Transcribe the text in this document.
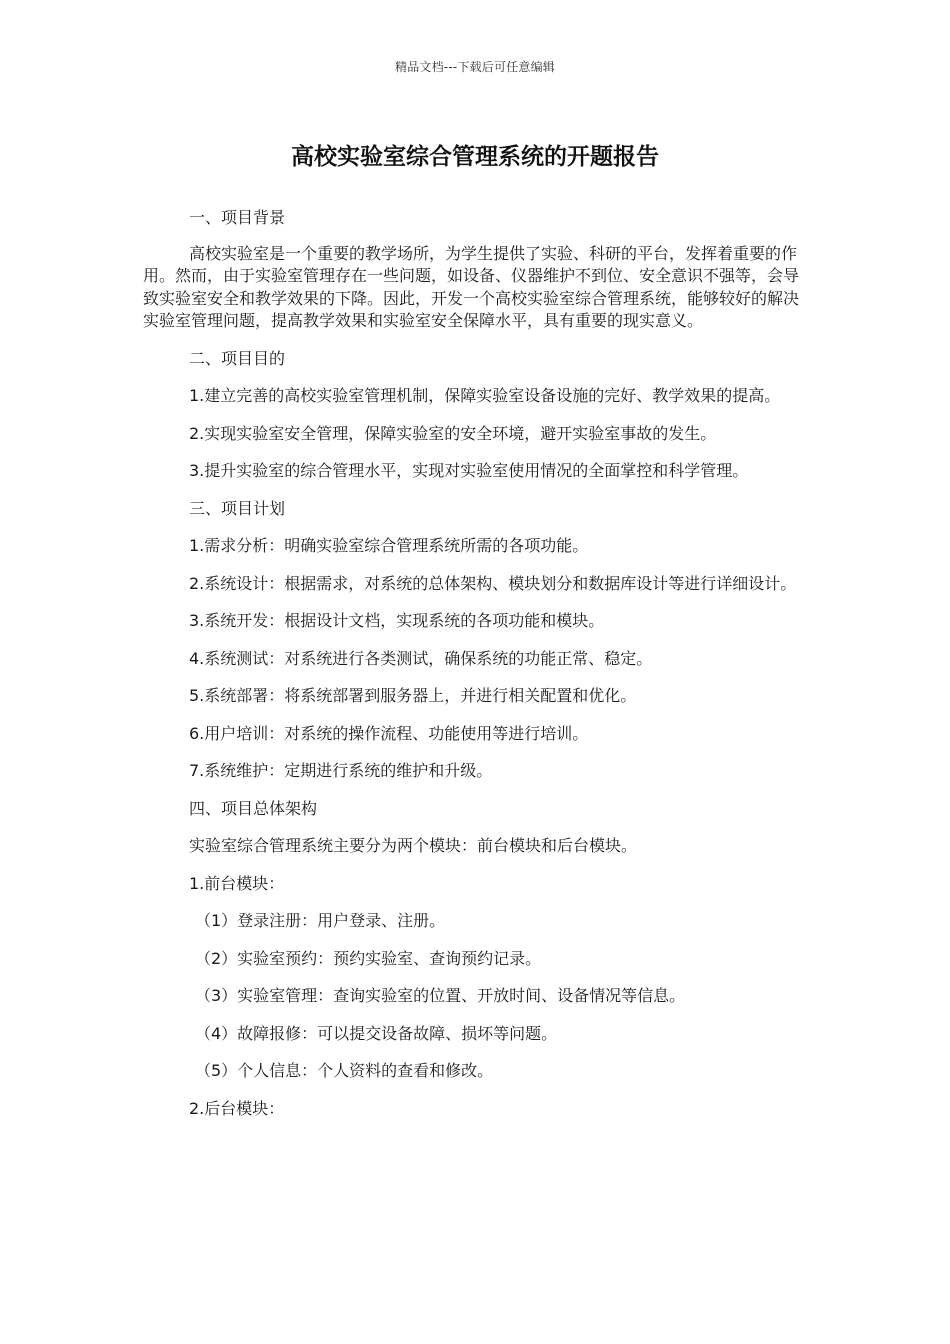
精品文档---下载后可任意编辑
高校实验室综合管理系统的开题报告

一、项目背景

高校实验室是一个重要的教学场所，为学生提供了实验、科研的平台，发挥着重要的作用。然而，由于实验室管理存在一些问题，如设备、仪器维护不到位、安全意识不强等，会导致实验室安全和教学效果的下降。因此，开发一个高校实验室综合管理系统，能够较好的解决实验室管理问题，提高教学效果和实验室安全保障水平，具有重要的现实意义。

二、项目目的

1.建立完善的高校实验室管理机制，保障实验室设备设施的完好、教学效果的提高。

2.实现实验室安全管理，保障实验室的安全环境，避开实验室事故的发生。

3.提升实验室的综合管理水平，实现对实验室使用情况的全面掌控和科学管理。

三、项目计划

1.需求分析：明确实验室综合管理系统所需的各项功能。

2.系统设计：根据需求，对系统的总体架构、模块划分和数据库设计等进行详细设计。

3.系统开发：根据设计文档，实现系统的各项功能和模块。

4.系统测试：对系统进行各类测试，确保系统的功能正常、稳定。

5.系统部署：将系统部署到服务器上，并进行相关配置和优化。

6.用户培训：对系统的操作流程、功能使用等进行培训。

7.系统维护：定期进行系统的维护和升级。

四、项目总体架构

实验室综合管理系统主要分为两个模块：前台模块和后台模块。

1.前台模块：

（1）登录注册：用户登录、注册。

（2）实验室预约：预约实验室、查询预约记录。

（3）实验室管理：查询实验室的位置、开放时间、设备情况等信息。

（4）故障报修：可以提交设备故障、损坏等问题。

（5）个人信息：个人资料的查看和修改。

2.后台模块：
